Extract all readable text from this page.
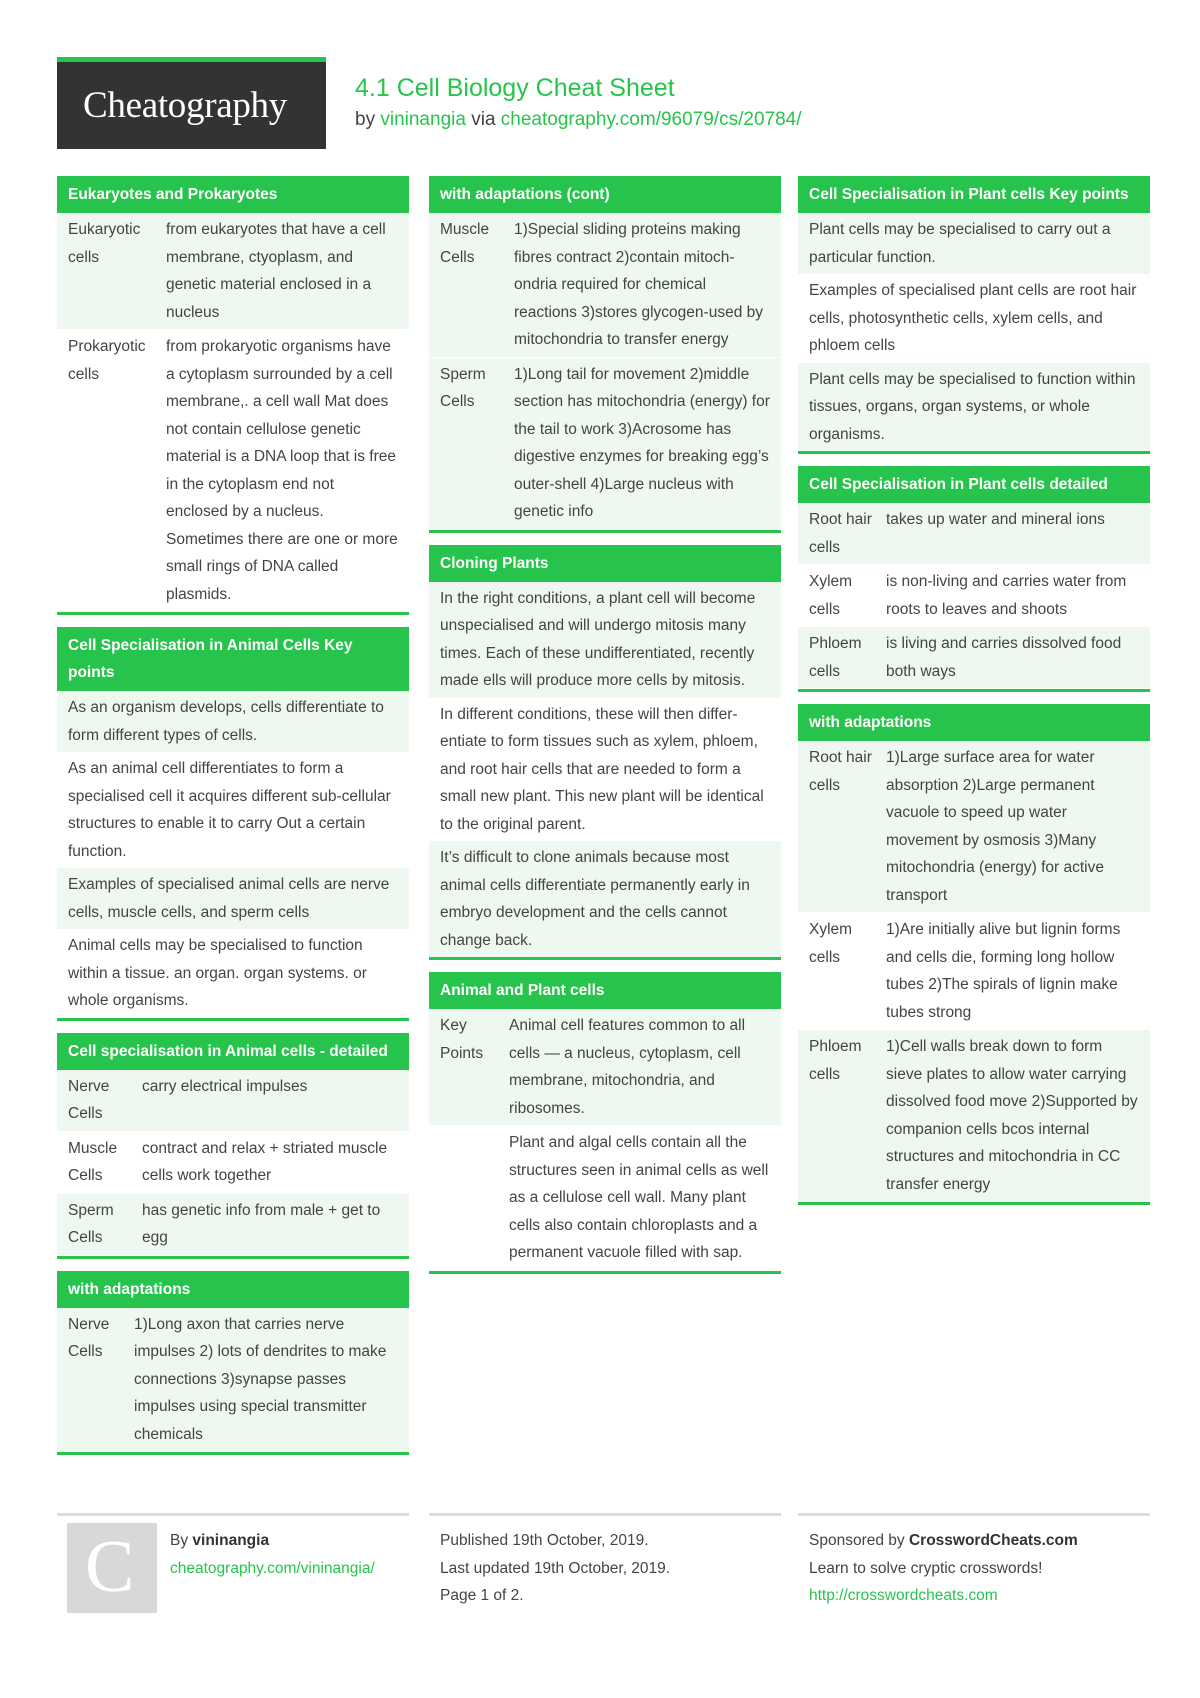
Cheatography	4.1 Cell Biology Cheat Sheet
by vininangia via cheatography.com/96079/cs/20784/
Eukaryotes and Prokaryotes
Eukaryotic cells
from eukaryotes that have a cell membrane, ctyoplasm, and genetic material enclosed in a nucleus
Prokaryotic cells
from prokaryotic organisms have a cytoplasm surrounded by a cell membrane,. a cell wall Mat does not contain cellulose genetic material is a DNA loop that is free in the cytoplasm end not enclosed by a nucleus. Sometimes there are one or more small rings of DNA called plasmids.
Cell Specialisation in Animal Cells Key points
As an organism develops, cells differentiate to form different types of cells.
As an animal cell differentiates to form a specialised cell it acquires different sub-cellular structures to enable it to carry Out a certain function.
Examples of specialised animal cells are nerve cells, muscle cells, and sperm cells
Animal cells may be specialised to function within a tissue. an organ. organ systems. or whole organisms.
Cell specialisation in Animal cells - detailed
Nerve Cells
carry electrical impulses
Muscle Cells
contract and relax + striated muscle cells work together
Sperm Cells
has genetic info from male + get to egg
with adaptations
Nerve Cells
1)Long axon that carries nerve impulses 2) lots of dendrites to make connections 3)synapse passes impulses using special transmitter chemicals
with adaptations (cont)
Muscle Cells
1)Special sliding proteins making fibres contract 2)contain mitochondria required for chemical reactions 3)stores glycogen-used by mitochondria to transfer energy
Sperm Cells
1)Long tail for movement 2)middle section has mitochondria (energy) for the tail to work 3)Acrosome has digestive enzymes for breaking egg’s outer-shell 4)Large nucleus with genetic info
Cloning Plants
In the right conditions, a plant cell will become unspecialised and will undergo mitosis many times. Each of these undifferentiated, recently made ells will produce more cells by mitosis.
In different conditions, these will then differentiate to form tissues such as xylem, phloem, and root hair cells that are needed to form a small new plant. This new plant will be identical to the original parent.
It’s difficult to clone animals because most animal cells differentiate permanently early in embryo development and the cells cannot change back.
Animal and Plant cells
Key Points
Animal cell features common to all cells — a nucleus, cytoplasm, cell membrane, mitochondria, and ribosomes.
Plant and algal cells contain all the structures seen in animal cells as well as a cellulose cell wall. Many plant cells also contain chloroplasts and a permanent vacuole filled with sap.
Cell Specialisation in Plant cells Key points
Plant cells may be specialised to carry out a particular function.
Examples of specialised plant cells are root hair cells, photosynthetic cells, xylem cells, and phloem cells
Plant cells may be specialised to function within tissues, organs, organ systems, or whole organisms.
Cell Specialisation in Plant cells detailed
Root hair cells
takes up water and mineral ions
Xylem cells
is non-living and carries water from roots to leaves and shoots
Phloem cells
is living and carries dissolved food both ways
with adaptations
Root hair cells
1)Large surface area for water absorption 2)Large permanent vacuole to speed up water movement by osmosis 3)Many mitochondria (energy) for active transport
Xylem cells
1)Are initially alive but lignin forms and cells die, forming long hollow tubes 2)The spirals of lignin make tubes strong
Phloem cells
1)Cell walls break down to form sieve plates to allow water carrying dissolved food move 2)Supported by companion cells bcos internal structures and mitochondria in CC transfer energy
C By vininangia
cheatography.com/vininangia/
Published 19th October, 2019.
Last updated 19th October, 2019.
Page 1 of 2.
Sponsored by CrosswordCheats.com
Learn to solve cryptic crosswords!
http://crosswordcheats.com
